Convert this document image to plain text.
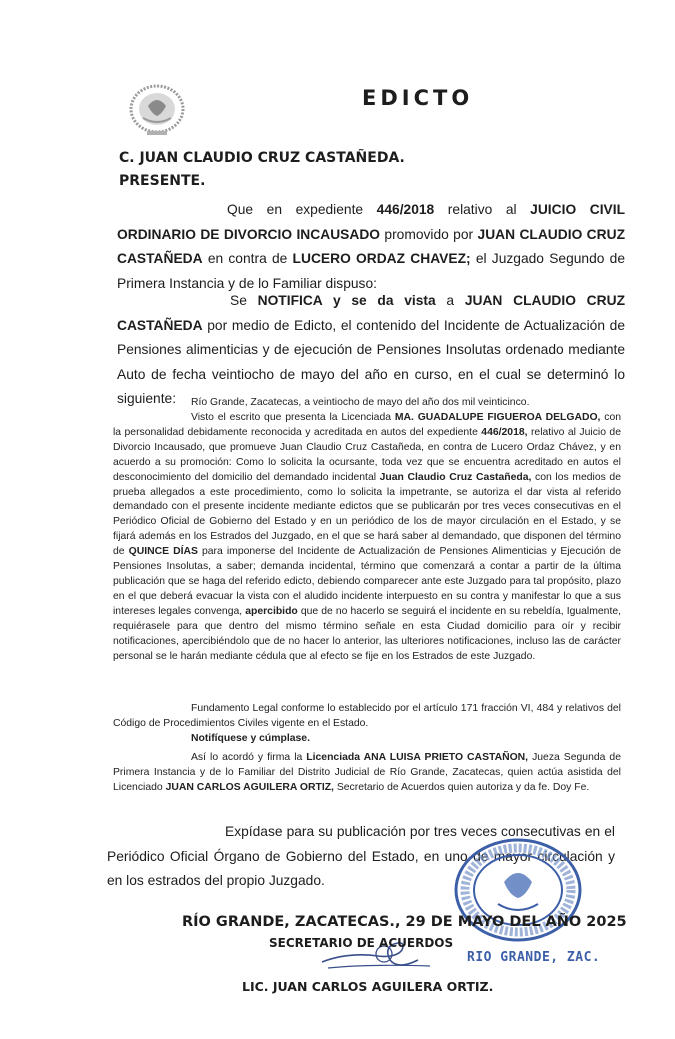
EDICTO
C. JUAN CLAUDIO CRUZ CASTAÑEDA.
PRESENTE.

Que en expediente 446/2018 relativo al JUICIO CIVIL ORDINARIO DE DIVORCIO INCAUSADO promovido por JUAN CLAUDIO CRUZ CASTAÑEDA en contra de LUCERO ORDAZ CHAVEZ; el Juzgado Segundo de Primera Instancia y de lo Familiar dispuso:

Se NOTIFICA y se da vista a JUAN CLAUDIO CRUZ CASTAÑEDA por medio de Edicto, el contenido del Incidente de Actualización de Pensiones alimenticias y de ejecución de Pensiones Insolutas ordenado mediante Auto de fecha veintiocho de mayo del año en curso, en el cual se determinó lo siguiente:	Río Grande, Zacatecas, a veintiocho de mayo del año dos mil veinticinco.

Visto el escrito que presenta la Licenciada MA. GUADALUPE FIGUEROA DELGADO, con la personalidad debidamente reconocida y acreditada en autos del expediente 446/2018, relativo al Juicio de Divorcio Incausado, que promueve Juan Claudio Cruz Castañeda, en contra de Lucero Ordaz Chávez, y en acuerdo a su promoción: Como lo solicita la ocursante, toda vez que se encuentra acreditado en autos el desconocimiento del domicilio del demandado incidental Juan Claudio Cruz Castañeda, con los medios de prueba allegados a este procedimiento, como lo solicita la impetrante, se autoriza el dar vista al referido demandado con el presente incidente mediante edictos que se publicarán por tres veces consecutivas en el Periódico Oficial de Gobierno del Estado y en un periódico de los de mayor circulación en el Estado, y se fijará además en los Estrados del Juzgado, en el que se hará saber al demandado, que disponen del término de QUINCE DÍAS para imponerse del Incidente de Actualización de Pensiones Alimenticias y Ejecución de Pensiones Insolutas, a saber; demanda incidental, término que comenzará a contar a partir de la última publicación que se haga del referido edicto, debiendo comparecer ante este Juzgado para tal propósito, plazo en el que deberá evacuar la vista con el aludido incidente interpuesto en su contra y manifestar lo que a sus intereses legales convenga, apercibido que de no hacerlo se seguirá el incidente en su rebeldía, Igualmente, requiérasele para que dentro del mismo término señale en esta Ciudad domicilio para oír y recibir notificaciones, apercibiéndolo que de no hacer lo anterior, las ulteriores notificaciones, incluso las de carácter personal se le harán mediante cédula que al efecto se fije en los Estrados de este Juzgado.

Fundamento Legal conforme lo establecido por el artículo 171 fracción VI, 484 y relativos del Código de Procedimientos Civiles vigente en el Estado.

Notifíquese y cúmplase.

Así lo acordó y firma la Licenciada ANA LUISA PRIETO CASTAÑON, Jueza Segunda de Primera Instancia y de lo Familiar del Distrito Judicial de Río Grande, Zacatecas, quien actúa asistida del Licenciado JUAN CARLOS AGUILERA ORTIZ, Secretario de Acuerdos quien autoriza y da fe. Doy Fe.

Expídase para su publicación por tres veces consecutivas en el Periódico Oficial Órgano de Gobierno del Estado, en uno de mayor circulación y en los estrados del propio Juzgado.

RÍO GRANDE, ZACATECAS., 29 DE MAYO DEL AÑO 2025
SECRETARIO DE ACUERDOS
RIO GRANDE, ZAC.
LIC. JUAN CARLOS AGUILERA ORTIZ.
